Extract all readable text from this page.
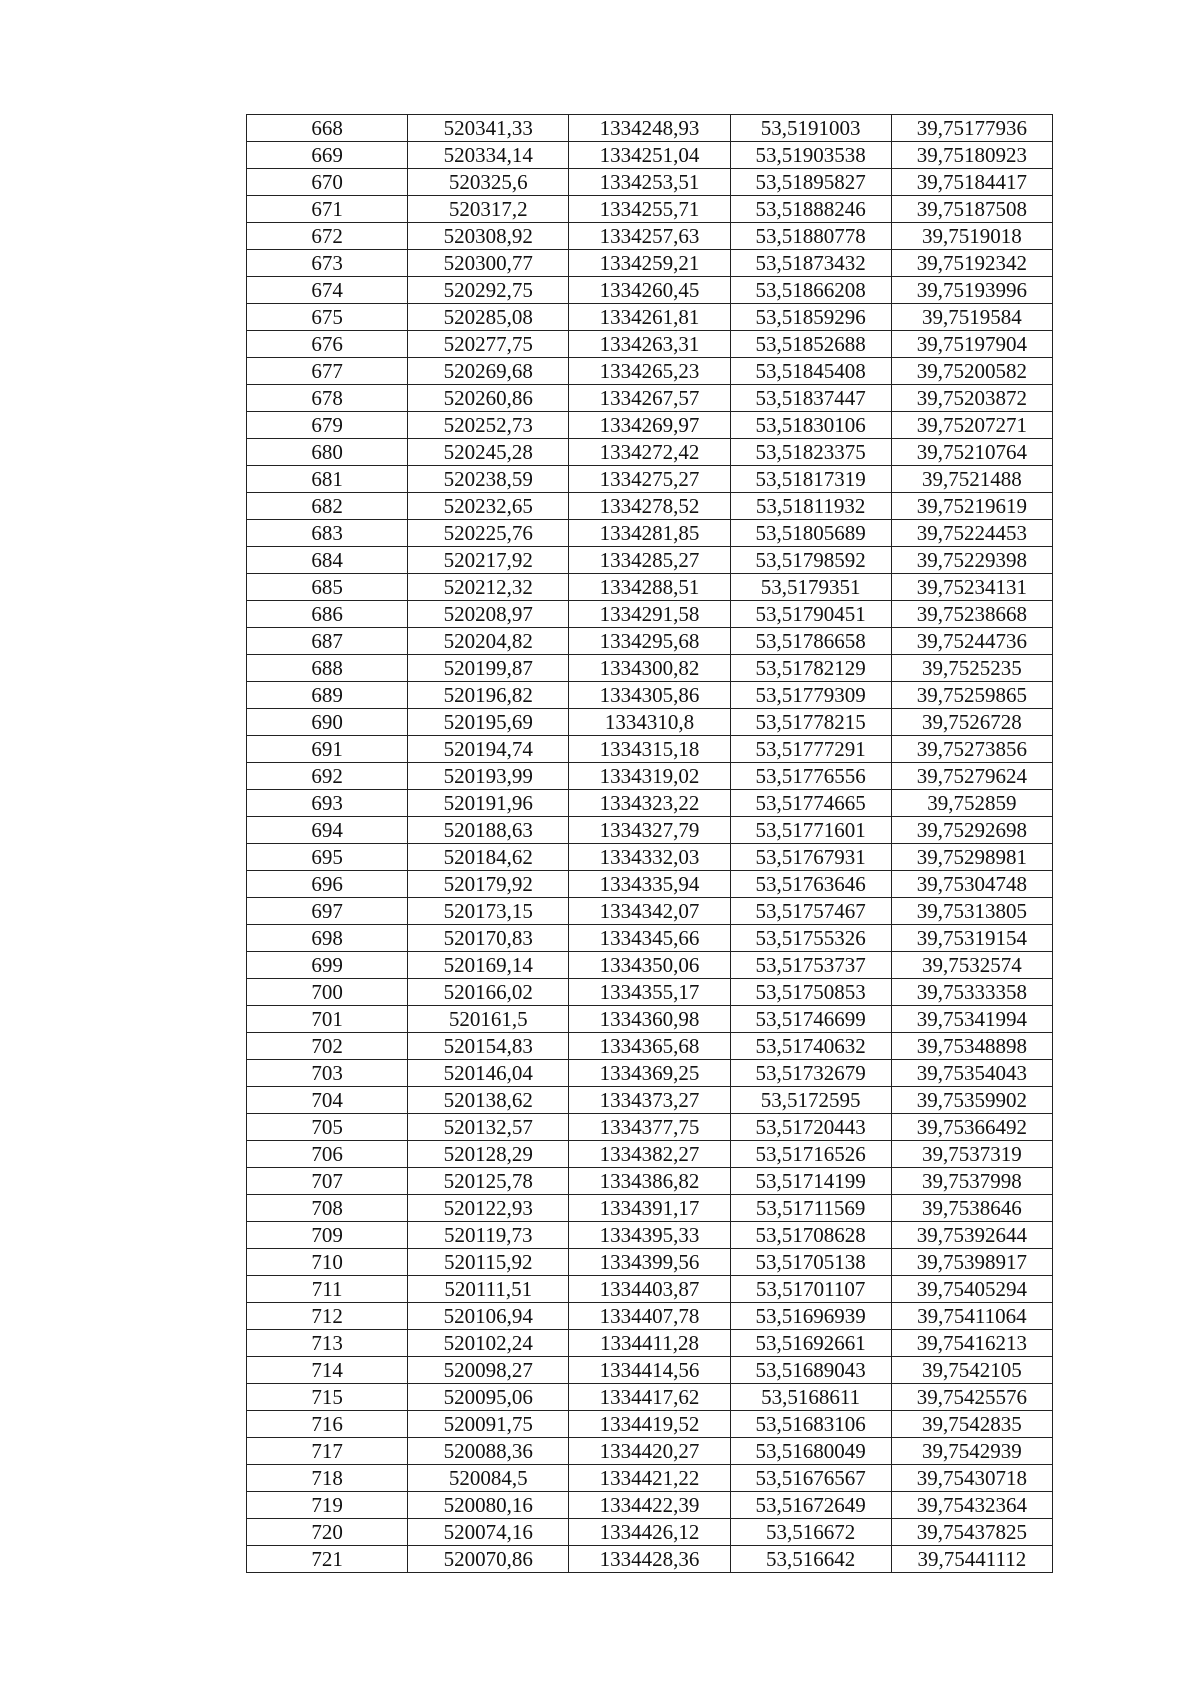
668	520341,33	1334248,93	53,5191003	39,75177936
669	520334,14	1334251,04	53,51903538	39,75180923
670	520325,6	1334253,51	53,51895827	39,75184417
671	520317,2	1334255,71	53,51888246	39,75187508
672	520308,92	1334257,63	53,51880778	39,7519018
673	520300,77	1334259,21	53,51873432	39,75192342
674	520292,75	1334260,45	53,51866208	39,75193996
675	520285,08	1334261,81	53,51859296	39,7519584
676	520277,75	1334263,31	53,51852688	39,75197904
677	520269,68	1334265,23	53,51845408	39,75200582
678	520260,86	1334267,57	53,51837447	39,75203872
679	520252,73	1334269,97	53,51830106	39,75207271
680	520245,28	1334272,42	53,51823375	39,75210764
681	520238,59	1334275,27	53,51817319	39,7521488
682	520232,65	1334278,52	53,51811932	39,75219619
683	520225,76	1334281,85	53,51805689	39,75224453
684	520217,92	1334285,27	53,51798592	39,75229398
685	520212,32	1334288,51	53,5179351	39,75234131
686	520208,97	1334291,58	53,51790451	39,75238668
687	520204,82	1334295,68	53,51786658	39,75244736
688	520199,87	1334300,82	53,51782129	39,7525235
689	520196,82	1334305,86	53,51779309	39,75259865
690	520195,69	1334310,8	53,51778215	39,7526728
691	520194,74	1334315,18	53,51777291	39,75273856
692	520193,99	1334319,02	53,51776556	39,75279624
693	520191,96	1334323,22	53,51774665	39,752859
694	520188,63	1334327,79	53,51771601	39,75292698
695	520184,62	1334332,03	53,51767931	39,75298981
696	520179,92	1334335,94	53,51763646	39,75304748
697	520173,15	1334342,07	53,51757467	39,75313805
698	520170,83	1334345,66	53,51755326	39,75319154
699	520169,14	1334350,06	53,51753737	39,7532574
700	520166,02	1334355,17	53,51750853	39,75333358
701	520161,5	1334360,98	53,51746699	39,75341994
702	520154,83	1334365,68	53,51740632	39,75348898
703	520146,04	1334369,25	53,51732679	39,75354043
704	520138,62	1334373,27	53,5172595	39,75359902
705	520132,57	1334377,75	53,51720443	39,75366492
706	520128,29	1334382,27	53,51716526	39,7537319
707	520125,78	1334386,82	53,51714199	39,7537998
708	520122,93	1334391,17	53,51711569	39,7538646
709	520119,73	1334395,33	53,51708628	39,75392644
710	520115,92	1334399,56	53,51705138	39,75398917
711	520111,51	1334403,87	53,51701107	39,75405294
712	520106,94	1334407,78	53,51696939	39,75411064
713	520102,24	1334411,28	53,51692661	39,75416213
714	520098,27	1334414,56	53,51689043	39,7542105
715	520095,06	1334417,62	53,5168611	39,75425576
716	520091,75	1334419,52	53,51683106	39,7542835
717	520088,36	1334420,27	53,51680049	39,7542939
718	520084,5	1334421,22	53,51676567	39,75430718
719	520080,16	1334422,39	53,51672649	39,75432364
720	520074,16	1334426,12	53,516672	39,75437825
721	520070,86	1334428,36	53,516642	39,75441112
